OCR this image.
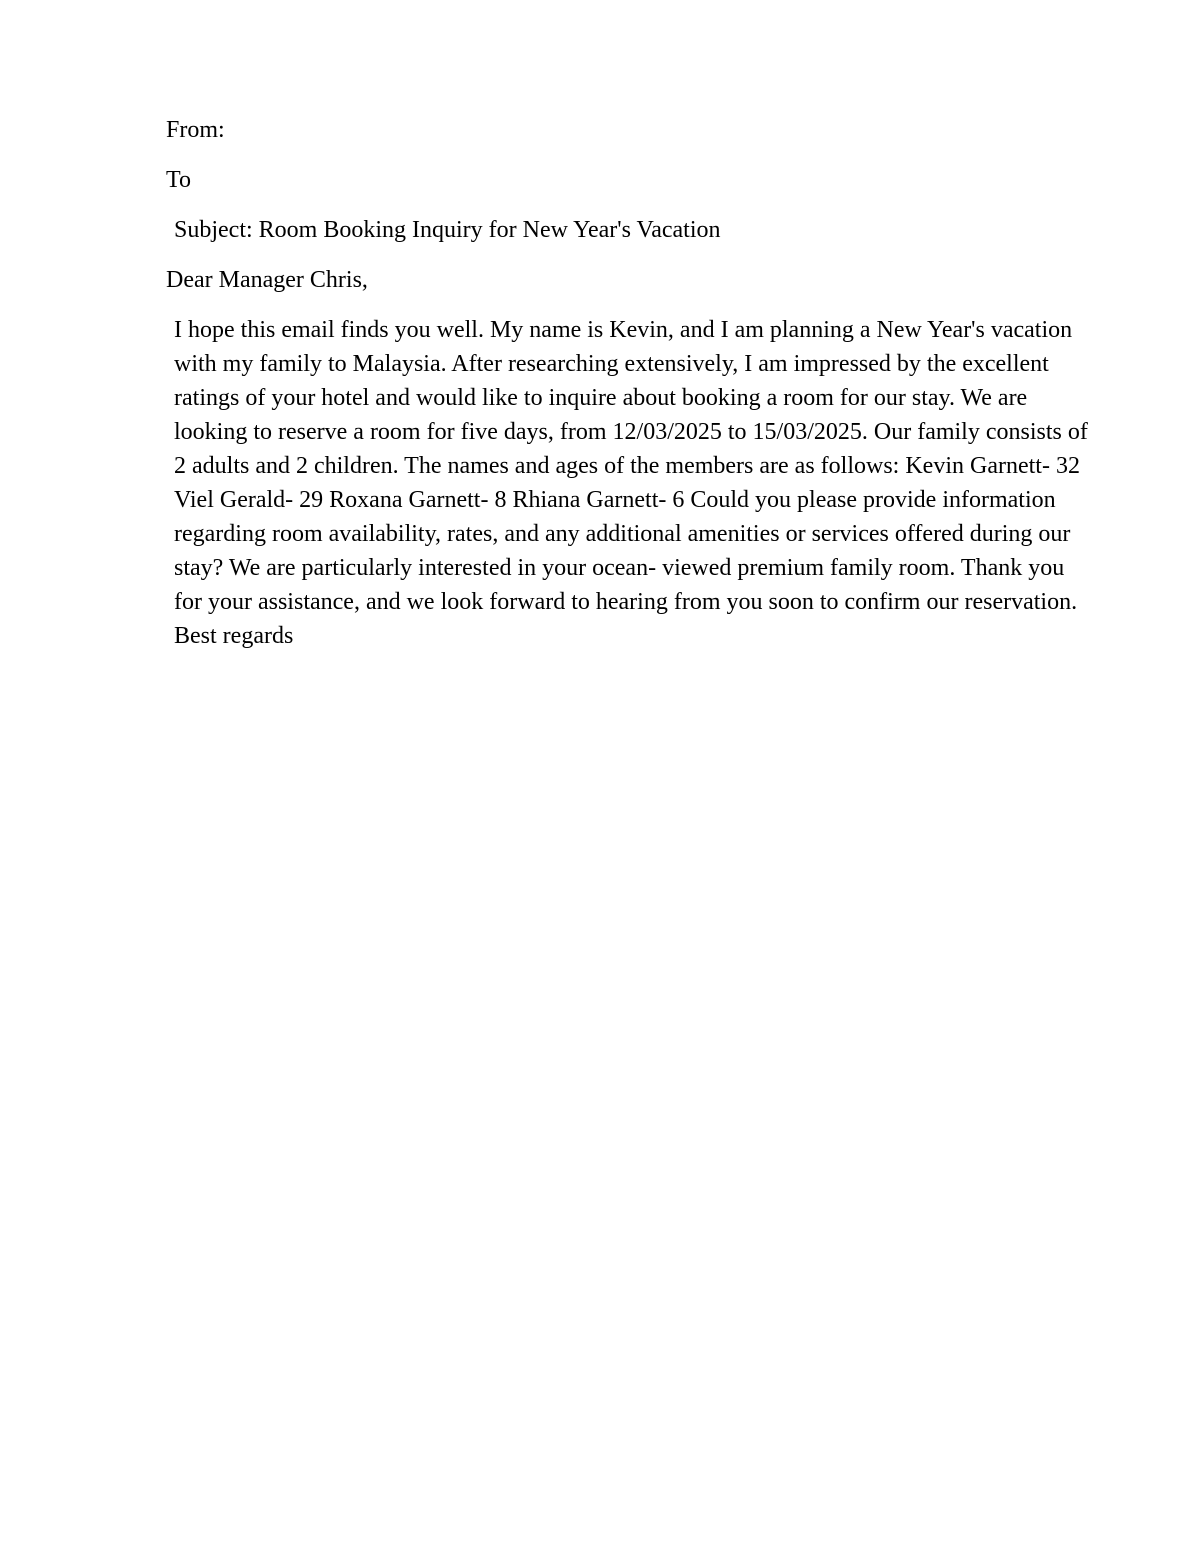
From:

To

Subject: Room Booking Inquiry for New Year's Vacation

Dear Manager Chris,

I hope this email finds you well. My name is Kevin, and I am planning a New Year's vacation with my family to Malaysia. After researching extensively, I am impressed by the excellent ratings of your hotel and would like to inquire about booking a room for our stay. We are looking to reserve a room for five days, from 12/03/2025 to 15/03/2025. Our family consists of 2 adults and 2 children. The names and ages of the members are as follows: Kevin Garnett- 32 Viel Gerald- 29 Roxana Garnett- 8 Rhiana Garnett- 6 Could you please provide information regarding room availability, rates, and any additional amenities or services offered during our stay? We are particularly interested in your ocean- viewed premium family room. Thank you for your assistance, and we look forward to hearing from you soon to confirm our reservation. Best regards
